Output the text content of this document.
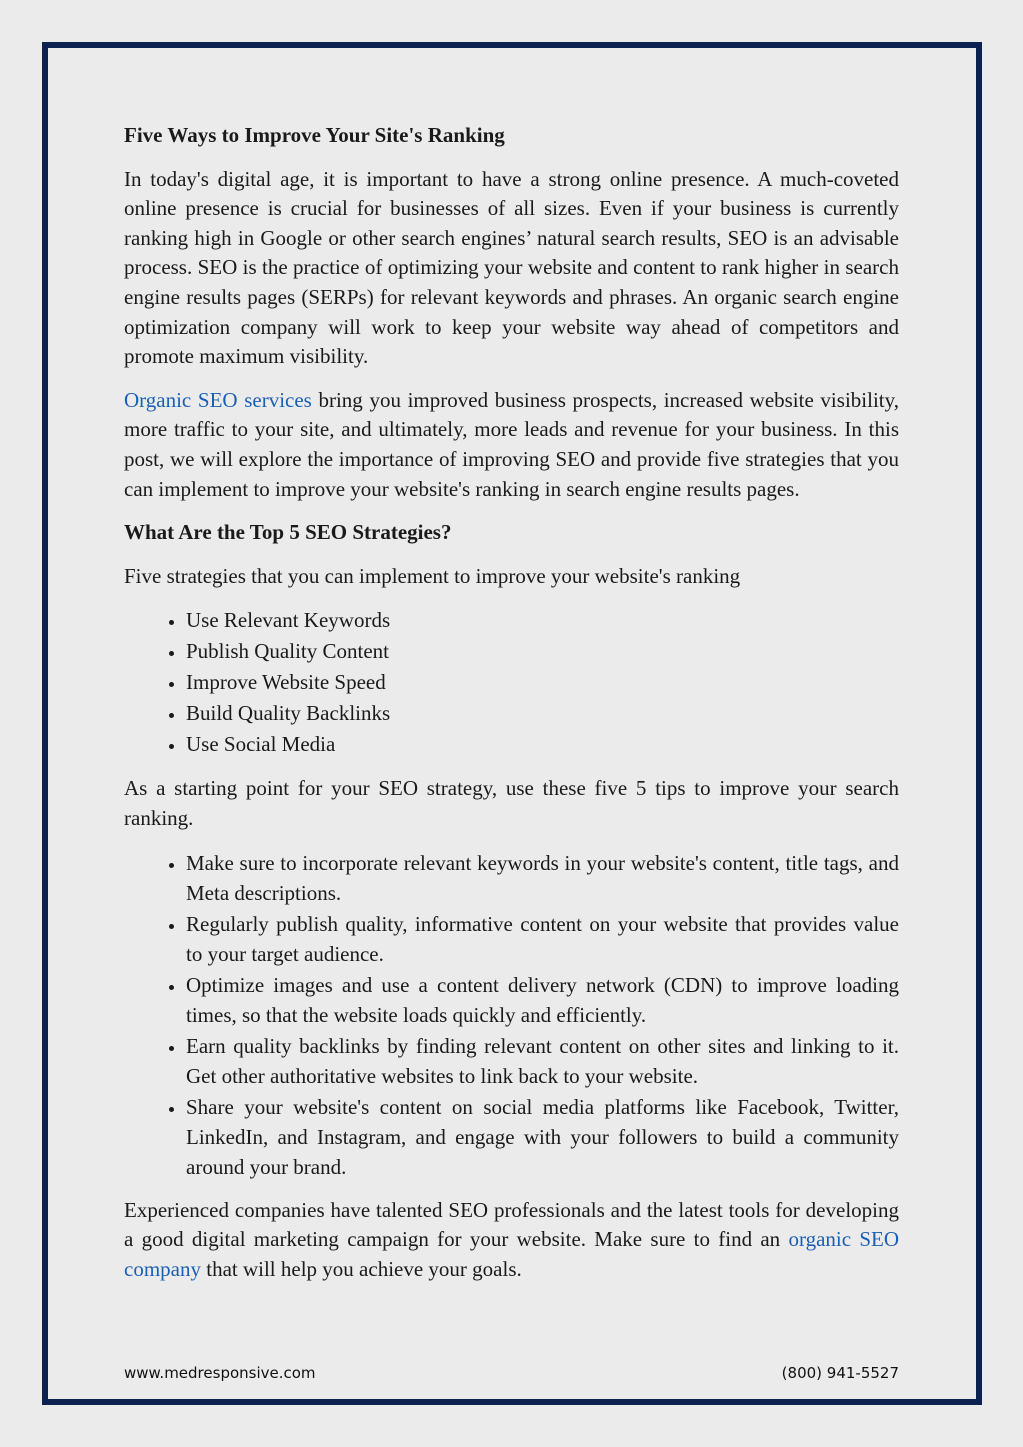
Five Ways to Improve Your Site's Ranking

In today's digital age, it is important to have a strong online presence. A much-coveted online presence is crucial for businesses of all sizes. Even if your business is currently ranking high in Google or other search engines’ natural search results, SEO is an advisable process. SEO is the practice of optimizing your website and content to rank higher in search engine results pages (SERPs) for relevant keywords and phrases. An organic search engine optimization company will work to keep your website way ahead of competitors and promote maximum visibility.

Organic SEO services bring you improved business prospects, increased website visibility, more traffic to your site, and ultimately, more leads and revenue for your business. In this post, we will explore the importance of improving SEO and provide five strategies that you can implement to improve your website's ranking in search engine results pages.

What Are the Top 5 SEO Strategies?

Five strategies that you can implement to improve your website's ranking

• Use Relevant Keywords
• Publish Quality Content
• Improve Website Speed
• Build Quality Backlinks
• Use Social Media

As a starting point for your SEO strategy, use these five 5 tips to improve your search ranking.

• Make sure to incorporate relevant keywords in your website's content, title tags, and Meta descriptions.
• Regularly publish quality, informative content on your website that provides value to your target audience.
• Optimize images and use a content delivery network (CDN) to improve loading times, so that the website loads quickly and efficiently.
• Earn quality backlinks by finding relevant content on other sites and linking to it. Get other authoritative websites to link back to your website.
• Share your website's content on social media platforms like Facebook, Twitter, LinkedIn, and Instagram, and engage with your followers to build a community around your brand.

Experienced companies have talented SEO professionals and the latest tools for developing a good digital marketing campaign for your website. Make sure to find an organic SEO company that will help you achieve your goals.

www.medresponsive.com	(800) 941-5527
